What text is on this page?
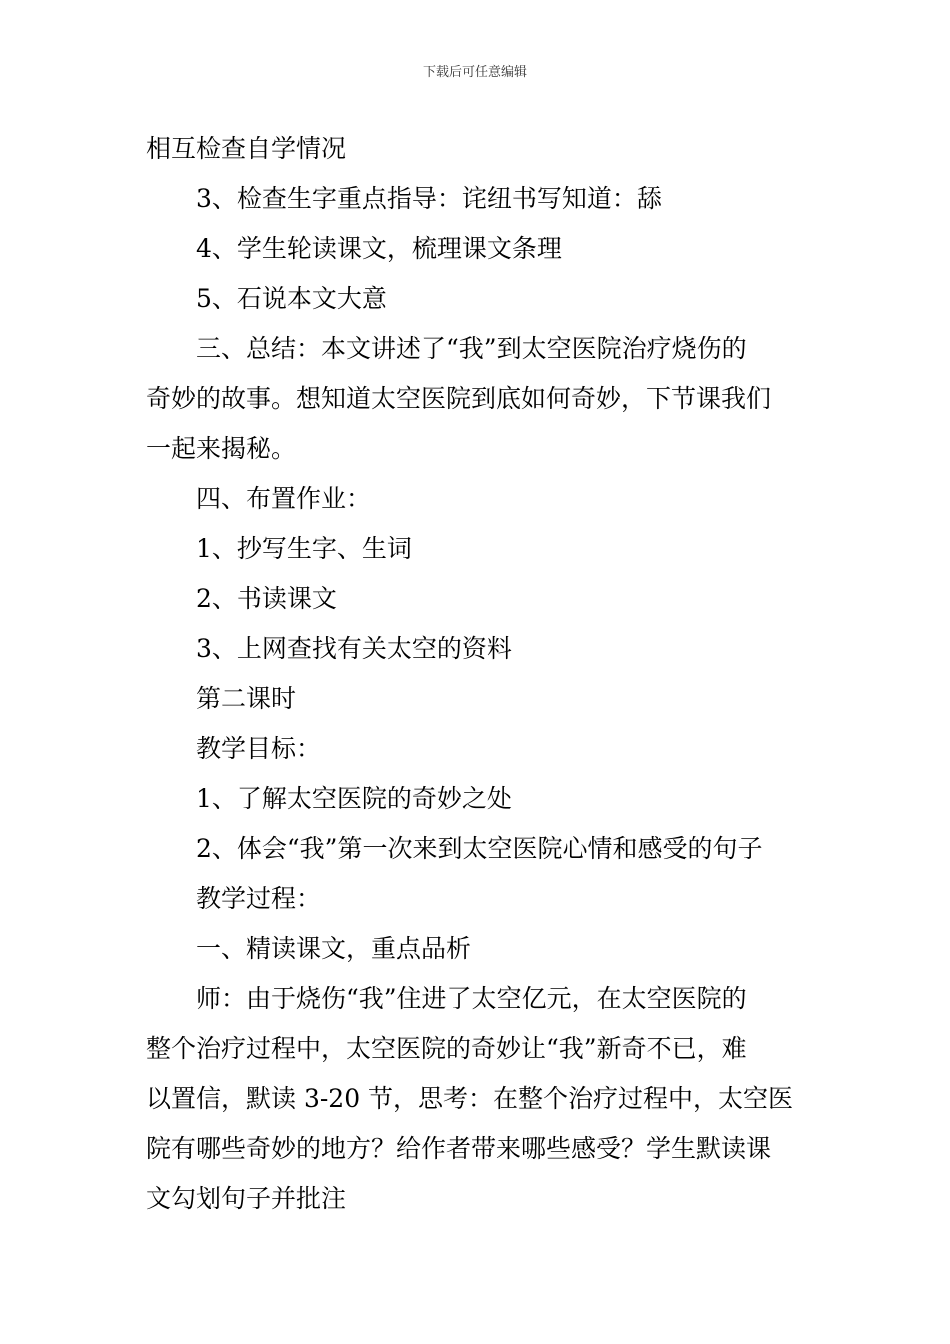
下载后可任意编辑
相互检查自学情况
3、检查生字重点指导：诧纽书写知道：舔
4、学生轮读课文，梳理课文条理
5、石说本文大意
三、总结：本文讲述了“我”到太空医院治疗烧伤的
奇妙的故事。想知道太空医院到底如何奇妙，下节课我们
一起来揭秘。
四、布置作业：
1、抄写生字、生词
2、书读课文
3、上网查找有关太空的资料
第二课时
教学目标：
1、了解太空医院的奇妙之处
2、体会“我”第一次来到太空医院心情和感受的句子
教学过程：
一、精读课文，重点品析
师：由于烧伤“我”住进了太空亿元，在太空医院的
整个治疗过程中，太空医院的奇妙让“我”新奇不已，难
以置信，默读 3-20 节，思考：在整个治疗过程中，太空医
院有哪些奇妙的地方？给作者带来哪些感受？学生默读课
文勾划句子并批注
